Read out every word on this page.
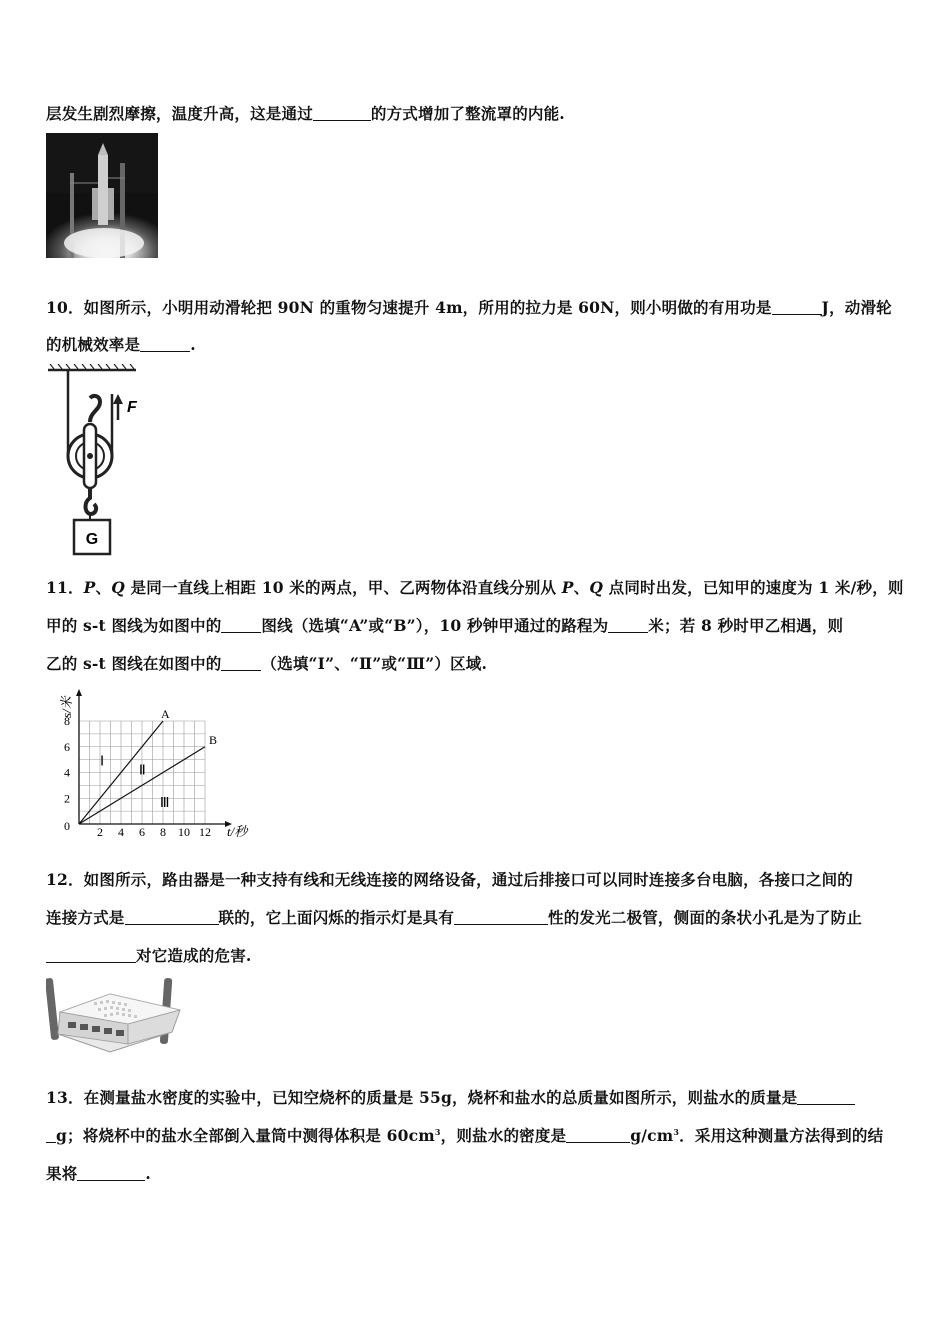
层发生剧烈摩擦，温度升高，这是通过	的方式增加了整流罩的内能.
10．如图所示，小明用动滑轮把 90N 的重物匀速提升 4m，所用的拉力是 60N，则小明做的有用功是	J，动滑轮
的机械效率是	.
G
F
11．P、Q 是同一直线上相距 10 米的两点，甲、乙两物体沿直线分别从 P、Q 点同时出发，已知甲的速度为 1 米/秒，则
甲的 s-t 图线为如图中的	图线（选填“A”或“B”），10 秒钟甲通过的路程为	米；若 8 秒时甲乙相遇，则
乙的 s-t 图线在如图中的	（选填“Ⅰ”、“Ⅱ”或“Ⅲ”）区域.
0
2
4
6
8
2 4 6 8 10 12 t/秒
s/米	A
B
Ⅰ
Ⅱ
Ⅲ
12．如图所示，路由器是一种支持有线和无线连接的网络设备，通过后排接口可以同时连接多台电脑，各接口之间的
连接方式是	联的，它上面闪烁的指示灯是具有	性的发光二极管，侧面的条状小孔是为了防止
对它造成的危害.
13．在测量盐水密度的实验中，已知空烧杯的质量是 55g，烧杯和盐水的总质量如图所示，则盐水的质量是
g；将烧杯中的盐水全部倒入量筒中测得体积是 $60cm^3$，则盐水的密度是	$g/cm^3$．采用这种测量方法得到的结
果将	.
